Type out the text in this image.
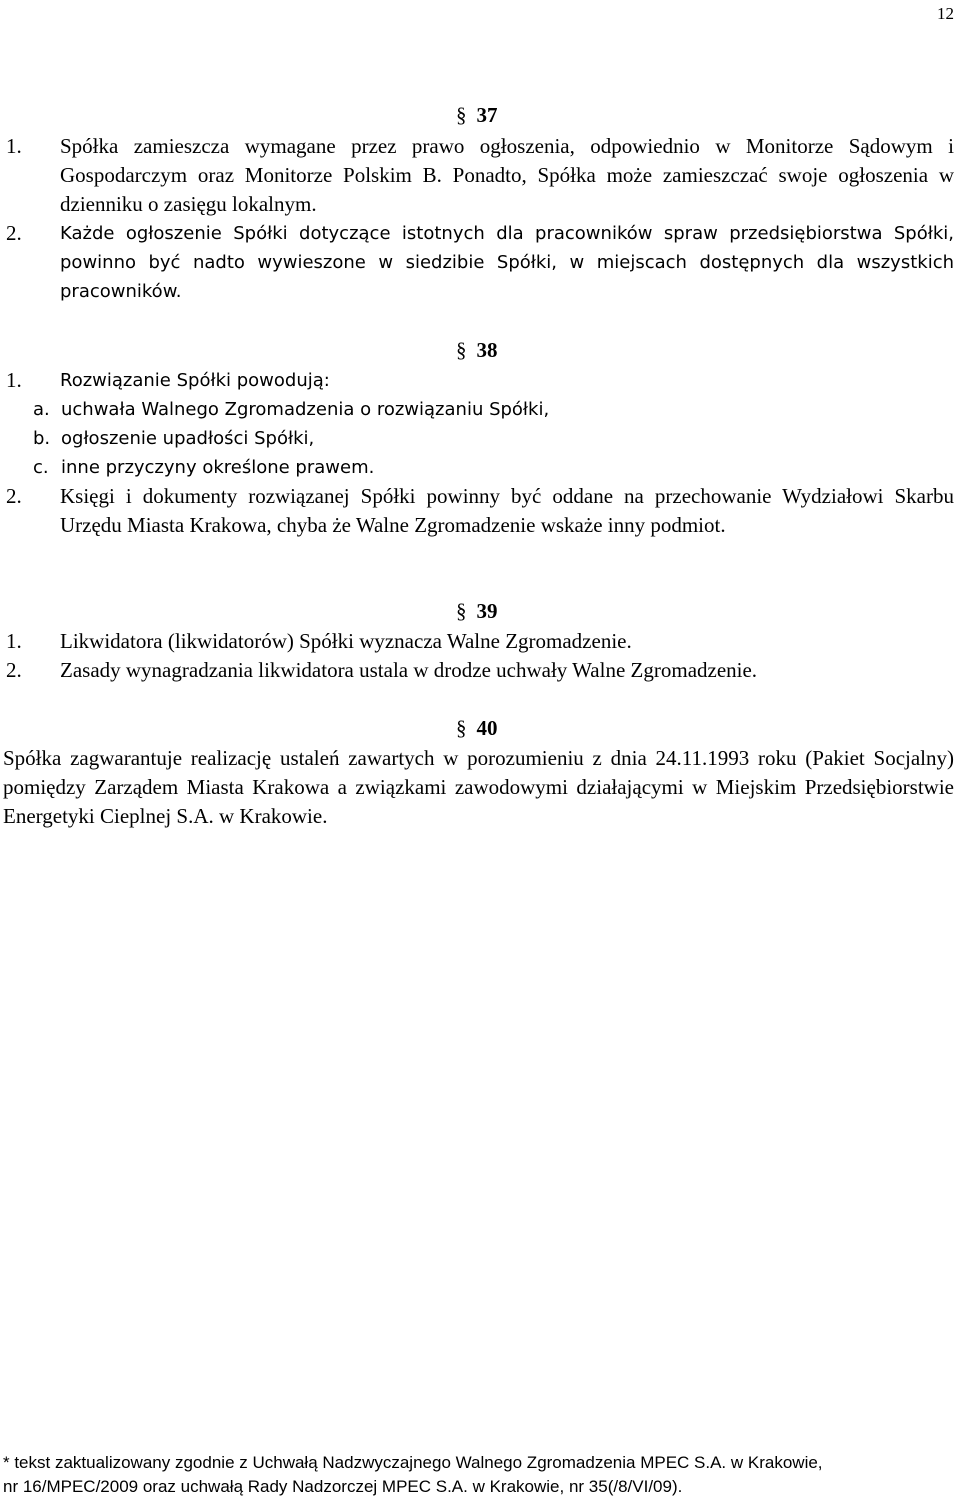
12
§ 37
1. Spółka zamieszcza wymagane przez prawo ogłoszenia, odpowiednio w Monitorze Sądowym i Gospodarczym oraz Monitorze Polskim B. Ponadto, Spółka może zamieszczać swoje ogłoszenia w dzienniku o zasięgu lokalnym.
2. Każde ogłoszenie Spółki dotyczące istotnych dla pracowników spraw przedsiębiorstwa Spółki, powinno być nadto wywieszone w siedzibie Spółki, w miejscach dostępnych dla wszystkich pracowników.
§ 38
1. Rozwiązanie Spółki powodują:
a. uchwała Walnego Zgromadzenia o rozwiązaniu Spółki,
b. ogłoszenie upadłości Spółki,
c. inne przyczyny określone prawem.
2. Księgi i dokumenty rozwiązanej Spółki powinny być oddane na przechowanie Wydziałowi Skarbu Urzędu Miasta Krakowa, chyba że Walne Zgromadzenie wskaże inny podmiot.
§ 39
1. Likwidatora (likwidatorów) Spółki wyznacza Walne Zgromadzenie.
2. Zasady wynagradzania likwidatora ustala w drodze uchwały Walne Zgromadzenie.
§ 40
Spółka zagwarantuje realizację ustaleń zawartych w porozumieniu z dnia 24.11.1993 roku (Pakiet Socjalny) pomiędzy Zarządem Miasta Krakowa a związkami zawodowymi działającymi w Miejskim Przedsiębiorstwie Energetyki Cieplnej S.A. w Krakowie.
* tekst zaktualizowany zgodnie z Uchwałą Nadzwyczajnego Walnego Zgromadzenia MPEC S.A. w Krakowie,
nr 16/MPEC/2009 oraz uchwałą Rady Nadzorczej MPEC S.A. w Krakowie, nr 35(/8/VI/09).
